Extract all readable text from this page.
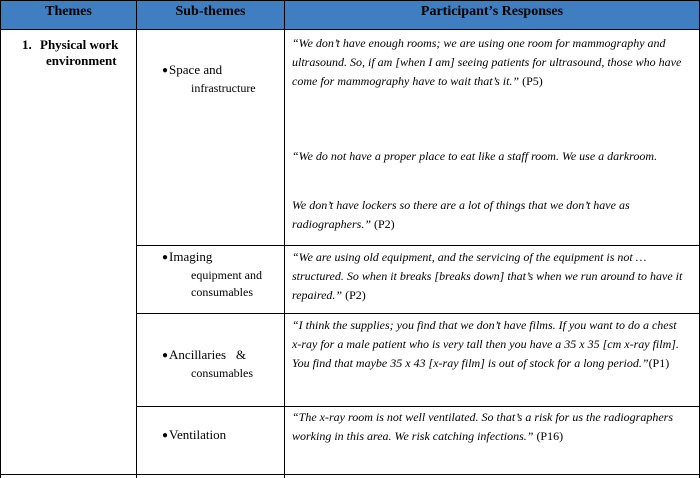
Themes	Sub-themes	Participant’s Responses
1. Physical work
environment
●Space and
infrastructure
“We don’t have enough rooms; we are using one room for mammography and ultrasound. So, if am [when I am] seeing patients for ultrasound, those who have come for mammography have to wait that’s it.” (P5)
“We do not have a proper place to eat like a staff room. We use a darkroom.
We don’t have lockers so there are a lot of things that we don’t have as radiographers.” (P2)
●Imaging
equipment and consumables
“We are using old equipment, and the servicing of the equipment is not … structured. So when it breaks [breaks down] that’s when we run around to have it repaired.” (P2)
●Ancillaries   &
consumables
“I think the supplies; you find that we don’t have films. If you want to do a chest x-ray for a male patient who is very tall then you have a 35 x 35 [cm x-ray film]. You find that maybe 35 x 43 [x-ray film] is out of stock for a long period.”(P1)
●Ventilation
“The x-ray room is not well ventilated. So that’s a risk for us the radiographers working in this area. We risk catching infections.” (P16)
